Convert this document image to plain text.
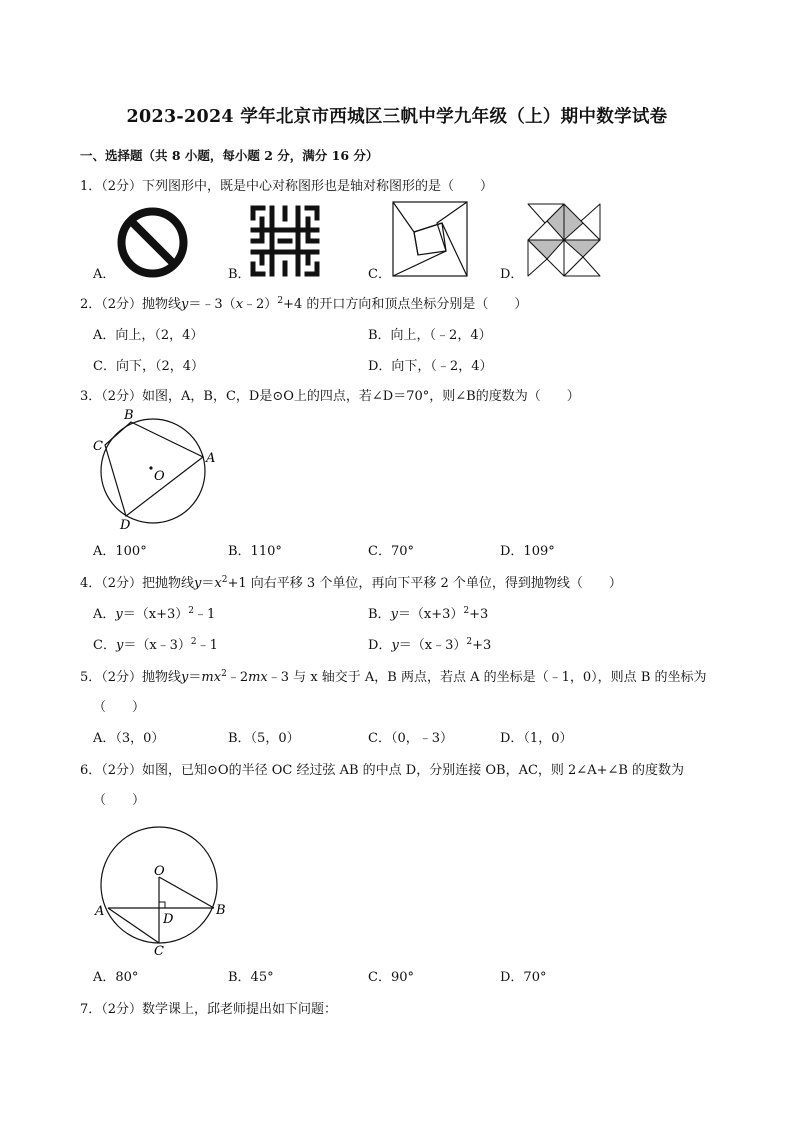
2023-2024 学年北京市西城区三帆中学九年级（上）期中数学试卷
一、选择题（共 8 小题，每小题 2 分，满分 16 分）
1．（2分）下列图形中，既是中心对称图形也是轴对称图形的是（　　）
A．	B．	C．	D．
2．（2分）抛物线y＝﹣3（x﹣2）$^2$+4 的开口方向和顶点坐标分别是（　　）
A．向上，（2，4）	B．向上，（﹣2，4）
C．向下，（2，4）	D．向下，（﹣2，4）
3．（2分）如图，A，B，C，D是⊙O上的四点，若∠D＝70°，则∠B的度数为（　　）
B
A
C
D
O
A．100°	B．110°	C．70°	D．109°
4．（2分）把抛物线$y=x^2+1$ 向右平移 3 个单位，再向下平移 2 个单位，得到抛物线（　　）
A．$y=(x+3)^2﹣1$	B．$y=(x+3)^2+3$
C．y＝（x﹣3）$^2$﹣1	D．y＝（x﹣3）$^2$+3
5．（2分）抛物线$y=mx^2﹣2mx﹣3$ 与 x 轴交于 A，B 两点，若点 A 的坐标是（﹣1，0），则点 B 的坐标为
（　　）
A．（3，0）	B．（5，0）	C．（0，﹣3）	D．（1，0）
6．（2分）如图，已知⊙O的半径 OC 经过弦 AB 的中点 D，分别连接 OB，AC，则 2∠A+∠B 的度数为
（　　）
O
A	B
C
D
A．80°	B．45°	C．90°	D．70°
7．（2分）数学课上，邱老师提出如下问题：
